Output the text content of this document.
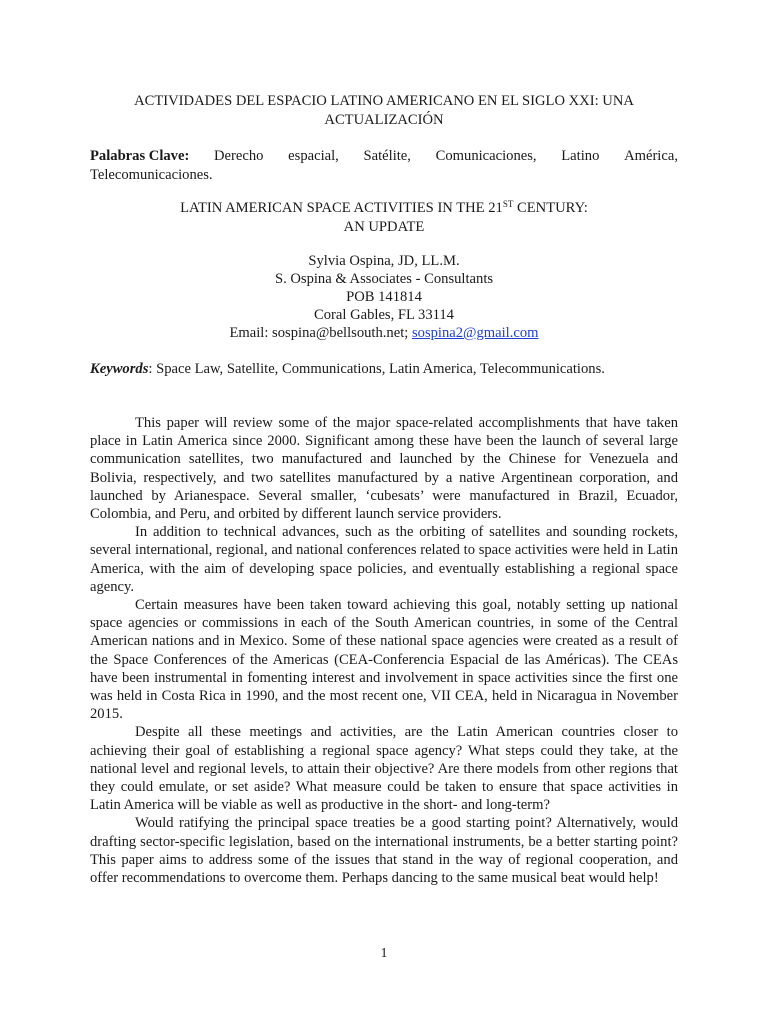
ACTIVIDADES DEL ESPACIO LATINO AMERICANO EN EL SIGLO XXI: UNA
ACTUALIZACIÓN
Palabras Clave: Derecho espacial, Satélite, Comunicaciones, Latino América,
Telecomunicaciones.
LATIN AMERICAN SPACE ACTIVITIES IN THE 21ST CENTURY:
AN UPDATE
Sylvia Ospina, JD, LL.M.
S. Ospina & Associates - Consultants
POB 141814
Coral Gables, FL 33114
Email: sospina@bellsouth.net; sospina2@gmail.com
Keywords: Space Law, Satellite, Communications, Latin America, Telecommunications.

This paper will review some of the major space-related accomplishments that have taken place in Latin America since 2000. Significant among these have been the launch of several large communication satellites, two manufactured and launched by the Chinese for Venezuela and Bolivia, respectively, and two satellites manufactured by a native Argentinean corporation, and launched by Arianespace. Several smaller, ‘cubesats’ were manufactured in Brazil, Ecuador, Colombia, and Peru, and orbited by different launch service providers.

In addition to technical advances, such as the orbiting of satellites and sounding rockets, several international, regional, and national conferences related to space activities were held in Latin America, with the aim of developing space policies, and eventually establishing a regional space agency.

Certain measures have been taken toward achieving this goal, notably setting up national space agencies or commissions in each of the South American countries, in some of the Central American nations and in Mexico. Some of these national space agencies were created as a result of the Space Conferences of the Americas (CEA-Conferencia Espacial de las Américas). The CEAs have been instrumental in fomenting interest and involvement in space activities since the first one was held in Costa Rica in 1990, and the most recent one, VII CEA, held in Nicaragua in November 2015.

Despite all these meetings and activities, are the Latin American countries closer to achieving their goal of establishing a regional space agency? What steps could they take, at the national level and regional levels, to attain their objective? Are there models from other regions that they could emulate, or set aside? What measure could be taken to ensure that space activities in Latin America will be viable as well as productive in the short- and long-term?

Would ratifying the principal space treaties be a good starting point? Alternatively, would drafting sector-specific legislation, based on the international instruments, be a better starting point? This paper aims to address some of the issues that stand in the way of regional cooperation, and offer recommendations to overcome them. Perhaps dancing to the same musical beat would help!

1
